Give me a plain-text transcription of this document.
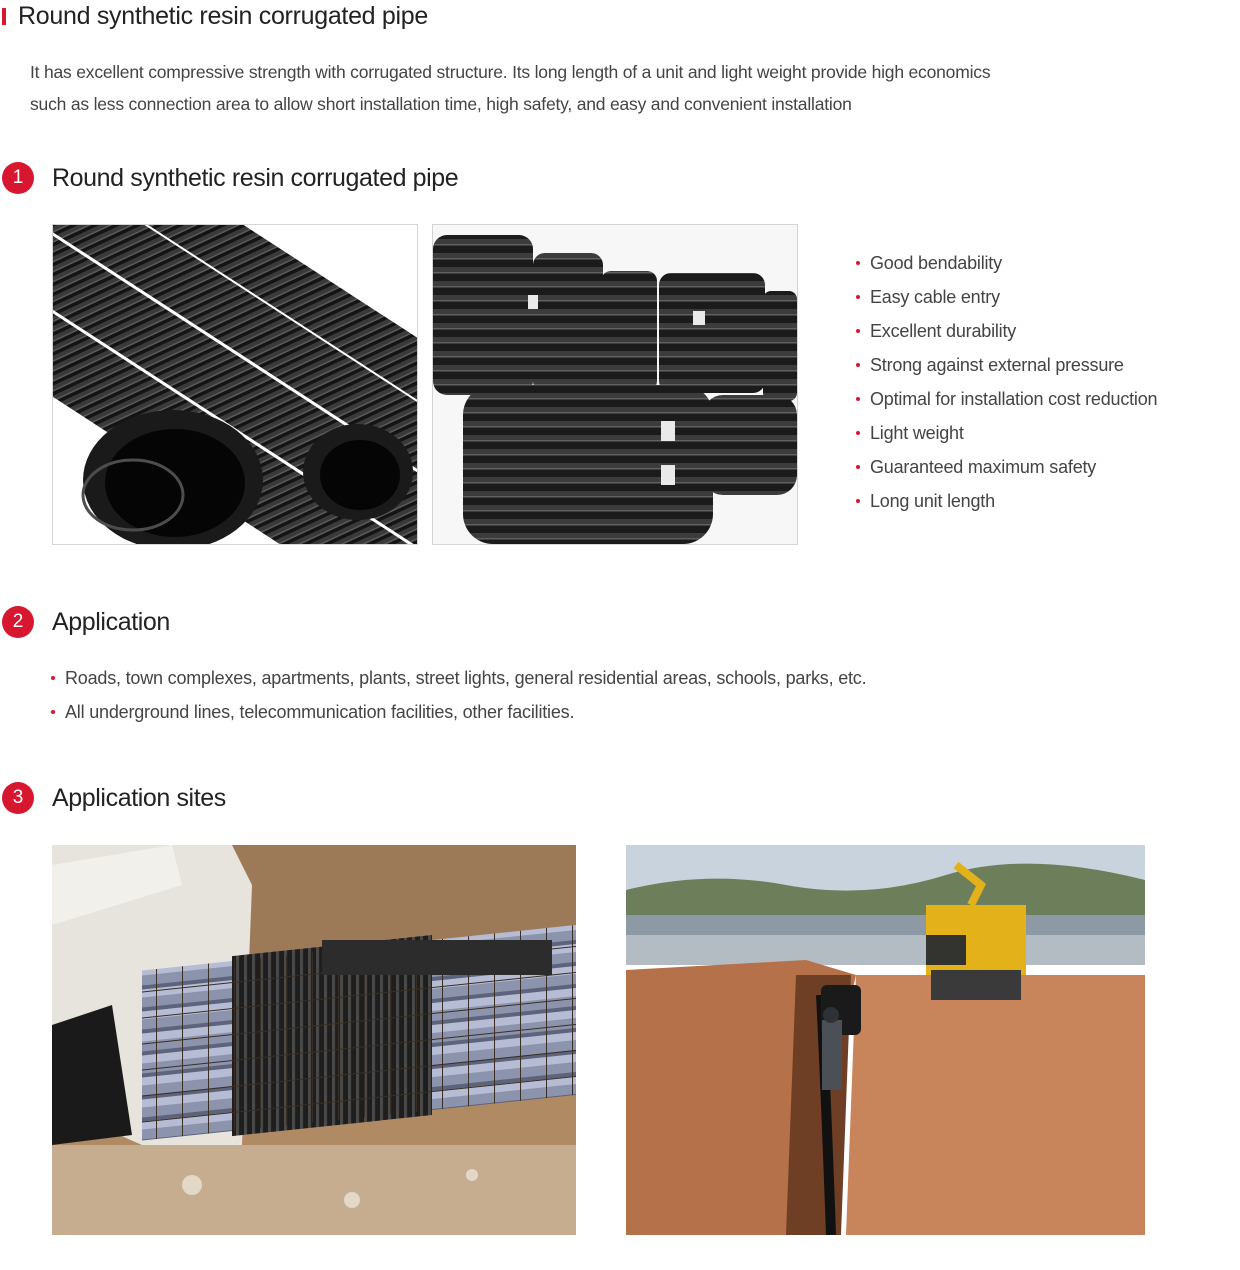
Round synthetic resin corrugated pipe

It has excellent compressive strength with corrugated structure. Its long length of a unit and light weight provide high economics

such as less connection area to allow short installation time, high safety, and easy and convenient installation

1	Round synthetic resin corrugated pipe
Good bendability
Easy cable entry
Excellent durability
Strong against external pressure
Optimal for installation cost reduction
Light weight
Guaranteed maximum safety
Long unit length
2	Application
Roads, town complexes, apartments, plants, street lights, general residential areas, schools, parks, etc.
All underground lines, telecommunication facilities, other facilities.
3	Application sites
